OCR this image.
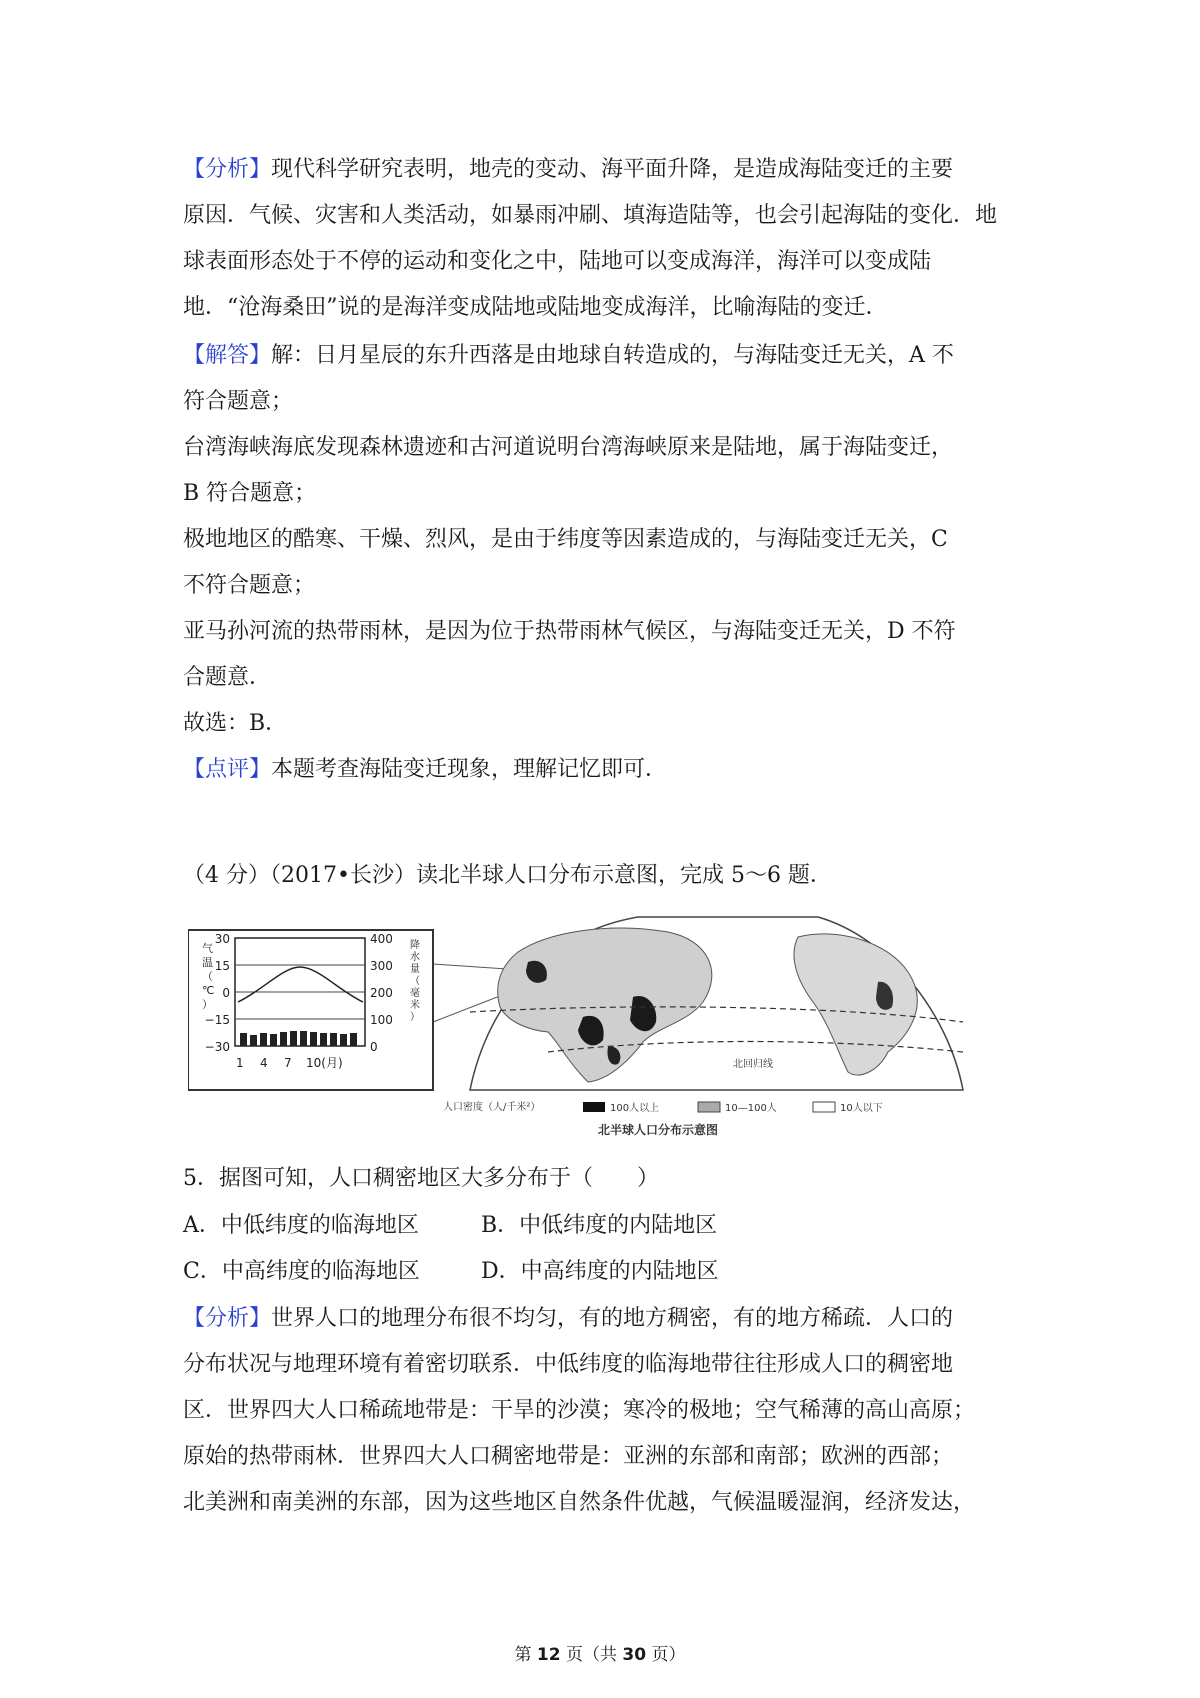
【分析】现代科学研究表明，地壳的变动、海平面升降，是造成海陆变迁的主要
原因．气候、灾害和人类活动，如暴雨冲刷、填海造陆等，也会引起海陆的变化．地
球表面形态处于不停的运动和变化之中，陆地可以变成海洋，海洋可以变成陆
地．“沧海桑田”说的是海洋变成陆地或陆地变成海洋，比喻海陆的变迁．
【解答】解：日月星辰的东升西落是由地球自转造成的，与海陆变迁无关，A 不
符合题意；
台湾海峡海底发现森林遗迹和古河道说明台湾海峡原来是陆地，属于海陆变迁，
B 符合题意；
极地地区的酷寒、干燥、烈风，是由于纬度等因素造成的，与海陆变迁无关，C
不符合题意；
亚马孙河流的热带雨林，是因为位于热带雨林气候区，与海陆变迁无关，D 不符
合题意．
故选：B．
【点评】本题考查海陆变迁现象，理解记忆即可．
（4 分）（2017•长沙）读北半球人口分布示意图，完成 5～6 题．
气
温
（
℃
）
30
15
0
−15
−30
400
300
200
100
0
降
水
量
（
毫
米
）
1 4 7 10(月)	北回归线
人口密度（人/千米²）	100人以上	10—100人	10人以下
北半球人口分布示意图
5．据图可知，人口稠密地区大多分布于（　　）
A．中低纬度的临海地区	B．中低纬度的内陆地区
C．中高纬度的临海地区	D．中高纬度的内陆地区
【分析】世界人口的地理分布很不均匀，有的地方稠密，有的地方稀疏．人口的
分布状况与地理环境有着密切联系．中低纬度的临海地带往往形成人口的稠密地
区．世界四大人口稀疏地带是：干旱的沙漠；寒冷的极地；空气稀薄的高山高原；
原始的热带雨林．世界四大人口稠密地带是：亚洲的东部和南部；欧洲的西部；
北美洲和南美洲的东部，因为这些地区自然条件优越，气候温暖湿润，经济发达，
第 12 页（共 30 页）
